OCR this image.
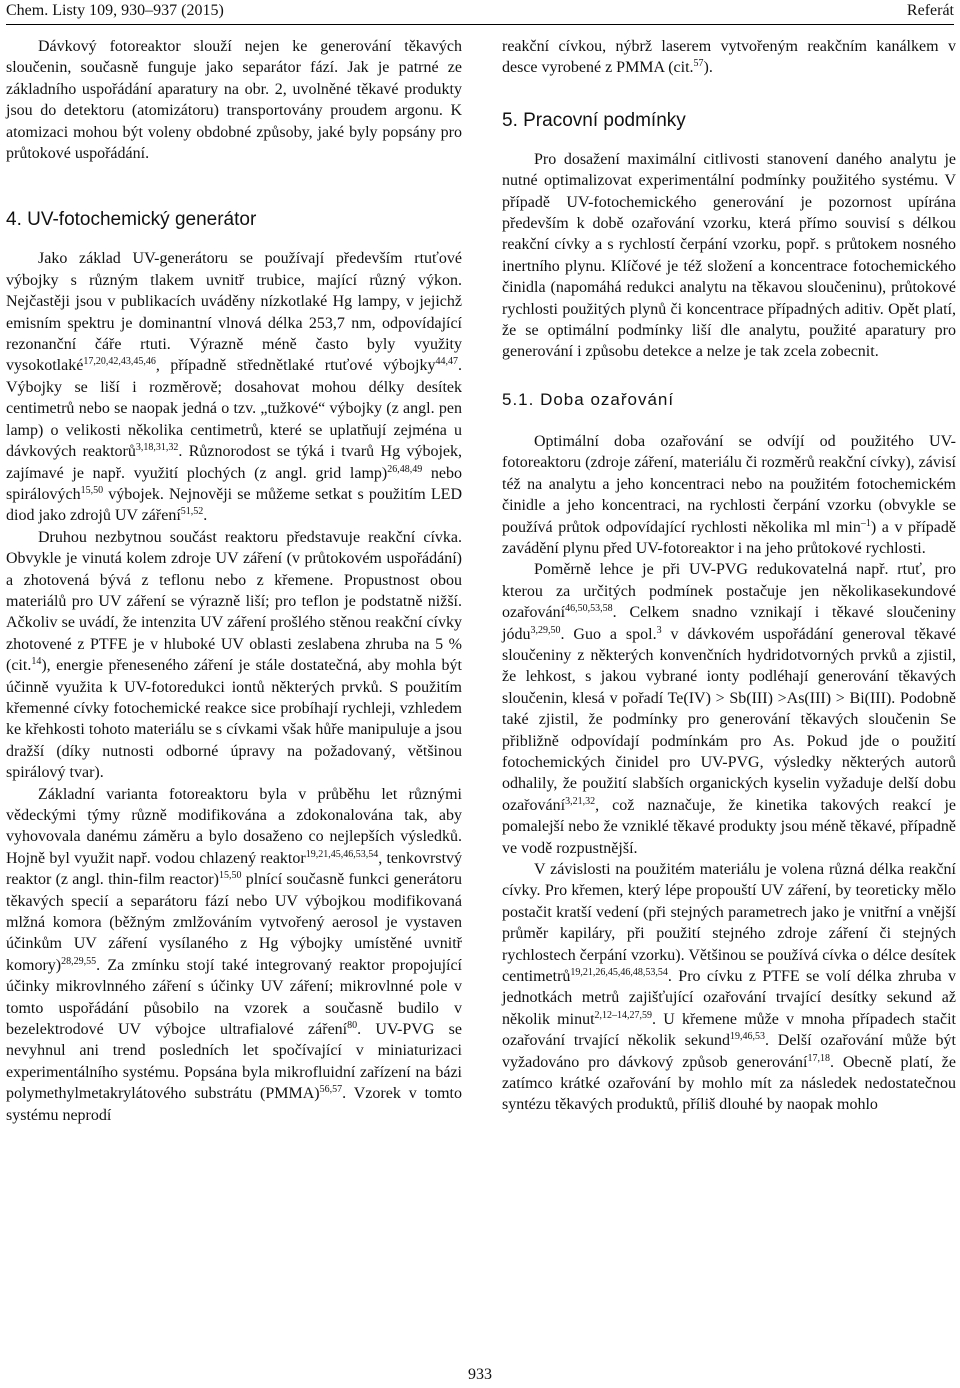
Chem. Listy 109, 930–937 (2015)	Referát

Dávkový fotoreaktor slouží nejen ke generování těkavých sloučenin, současně funguje jako separátor fází. Jak je patrné ze základního uspořádání aparatury na obr. 2, uvolněné těkavé produkty jsou do detektoru (atomizátoru) transportovány proudem argonu. K atomizaci mohou být voleny obdobné způsoby, jaké byly popsány pro průtokové uspořádání.

4. UV-fotochemický generátor

Jako základ UV-generátoru se používají především rtuťové výbojky s různým tlakem uvnitř trubice, mající různý výkon. Nejčastěji jsou v publikacích uváděny nízkotlaké Hg lampy, v jejichž emisním spektru je dominantní vlnová délka 253,7 nm, odpovídající rezonanční čáře rtuti. Výrazně méně často byly využity vysokotlaké$^{17,20,42,43,45,46}$, případně střednětlaké rtuťové výbojky$^{44,47}$. Výbojky se liší i rozměrově; dosahovat mohou délky desítek centimetrů nebo se naopak jedná o tzv. „tužkové“ výbojky (z angl. pen lamp) o velikosti několika centimetrů, které se uplatňují zejména u dávkových reaktorů$^{3,18,31,32}$. Různorodost se týká i tvarů Hg výbojek, zajímavé je např. využití plochých (z angl. grid lamp)$^{26,48,49}$ nebo spirálových$^{15,50}$ výbojek. Nejnověji se můžeme setkat s použitím LED diod jako zdrojů UV záření$^{51,52}$.

Druhou nezbytnou součást reaktoru představuje reakční cívka. Obvykle je vinutá kolem zdroje UV záření (v průtokovém uspořádání) a zhotovená bývá z teflonu nebo z křemene. Propustnost obou materiálů pro UV záření se výrazně liší; pro teflon je podstatně nižší. Ačkoliv se uvádí, že intenzita UV záření prošlého stěnou reakční cívky zhotovené z PTFE je v hluboké UV oblasti zeslabena zhruba na 5 % (cit.$^{14}$), energie přeneseného záření je stále dostatečná, aby mohla být účinně využita k UV-fotoredukci iontů některých prvků. S použitím křemenné cívky fotochemické reakce sice probíhají rychleji, vzhledem ke křehkosti tohoto materiálu se s cívkami však hůře manipuluje a jsou dražší (díky nutnosti odborné úpravy na požadovaný, většinou spirálový tvar).

Základní varianta fotoreaktoru byla v průběhu let různými vědeckými týmy různě modifikována a zdokonalována tak, aby vyhovovala danému záměru a bylo dosaženo co nejlepších výsledků. Hojně byl využit např. vodou chlazený reaktor$^{19,21,45,46,53,54}$, tenkovrstvý reaktor (z angl. thin-film reactor)$^{15,50}$ plnící současně funkci generátoru těkavých specií a separátoru fází nebo UV výbojkou modifikovaná mlžná komora (běžným zmlžováním vytvořený aerosol je vystaven účinkům UV záření vysílaného z Hg výbojky umístěné uvnitř komory)$^{28,29,55}$. Za zmínku stojí také integrovaný reaktor propojující účinky mikrovlnného záření s účinky UV záření; mikrovlnné pole v tomto uspořádání působilo na vzorek a současně budilo v bezelektrodové UV výbojce ultrafialové záření$^{80}$. UV-PVG se nevyhnul ani trend posledních let spočívající v miniaturizaci experimentálního systému. Popsána byla mikrofluidní zařízení na bázi polymethylmetakrylátového substrátu (PMMA)$^{56,57}$. Vzorek v tomto systému neprodí

reakční cívkou, nýbrž laserem vytvořeným reakčním kanálkem v desce vyrobené z PMMA (cit.$^{57}$).

5. Pracovní podmínky

Pro dosažení maximální citlivosti stanovení daného analytu je nutné optimalizovat experimentální podmínky použitého systému. V případě UV-fotochemického generování je pozornost upírána především k době ozařování vzorku, která přímo souvisí s délkou reakční cívky a s rychlostí čerpání vzorku, popř. s průtokem nosného inertního plynu. Klíčové je též složení a koncentrace fotochemického činidla (napomáhá redukci analytu na těkavou sloučeninu), průtokové rychlosti použitých plynů či koncentrace případných aditiv. Opět platí, že se optimální podmínky liší dle analytu, použité aparatury pro generování i způsobu detekce a nelze je tak zcela zobecnit.

5.1. Doba ozařování

Optimální doba ozařování se odvíjí od použitého UV-fotoreaktoru (zdroje záření, materiálu či rozměrů reakční cívky), závisí též na analytu a jeho koncentraci nebo na použitém fotochemickém činidle a jeho koncentraci, na rychlosti čerpání vzorku (obvykle se používá průtok odpovídající rychlosti několika ml $\min^{-1}$) a v případě zavádění plynu před UV-fotoreaktor i na jeho průtokové rychlosti.

Poměrně lehce je při UV-PVG redukovatelná např. rtuť, pro kterou za určitých podmínek postačuje jen několikasekundové ozařování$^{46,50,53,58}$. Celkem snadno vznikají i těkavé sloučeniny jódu$^{3,29,50}$. Guo a spol.$^3$ v dávkovém uspořádání generoval těkavé sloučeniny z některých konvenčních hydridotvorných prvků a zjistil, že lehkost, s jakou vybrané ionty podléhají generování těkavých sloučenin, klesá v pořadí Te(IV) > Sb(III) >As(III) > Bi(III). Podobně také zjistil, že podmínky pro generování těkavých sloučenin Se přibližně odpovídají podmínkám pro As. Pokud jde o použití fotochemických činidel pro UV-PVG, výsledky některých autorů odhalily, že použití slabších organických kyselin vyžaduje delší dobu ozařování$^{3,21,32}$, což naznačuje, že kinetika takových reakcí je pomalejší nebo že vzniklé těkavé produkty jsou méně těkavé, případně ve vodě rozpustnější.

V závislosti na použitém materiálu je volena různá délka reakční cívky. Pro křemen, který lépe propouští UV záření, by teoreticky mělo postačit kratší vedení (při stejných parametrech jako je vnitřní a vnější průměr kapiláry, při použití stejného zdroje záření či stejných rychlostech čerpání vzorku). Většinou se používá cívka o délce desítek centimetrů$^{19,21,26,45,46,48,53,54}$. Pro cívku z PTFE se volí délka zhruba v jednotkách metrů zajišťující ozařování trvající desítky sekund až několik minut$^{2,12-14,27,59}$. U křemene může v mnoha případech stačit ozařování trvající několik sekund$^{19,46,53}$. Delší ozařování může být vyžadováno pro dávkový způsob generování$^{17,18}$. Obecně platí, že zatímco krátké ozařování by mohlo mít za následek nedostatečnou syntézu těkavých produktů, příliš dlouhé by naopak mohlo

933
